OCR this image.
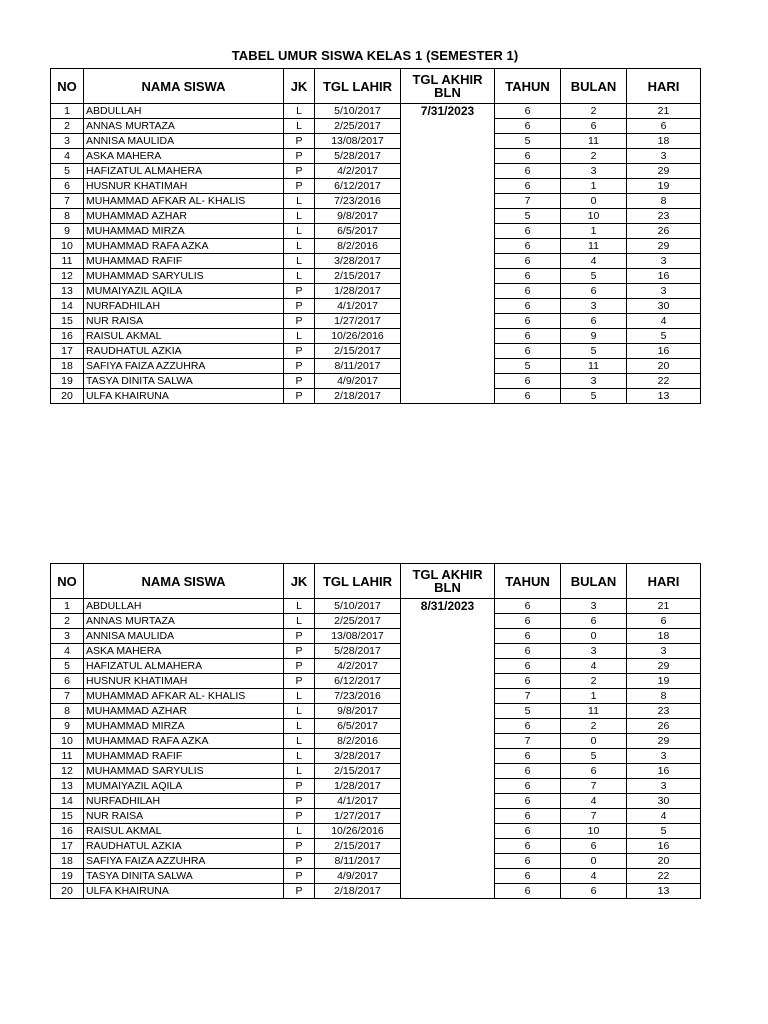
TABEL UMUR SISWA KELAS 1 (SEMESTER 1)
NO	NAMA SISWA	JK	TGL LAHIR	TGL AKHIR BLN	TAHUN	BULAN	HARI
1	ABDULLAH	L	5/10/2017	7/31/2023	6	2	21
2	ANNAS MURTAZA	L	2/25/2017		6	6	6
3	ANNISA MAULIDA	P	13/08/2017		5	11	18
4	ASKA MAHERA	P	5/28/2017		6	2	3
5	HAFIZATUL ALMAHERA	P	4/2/2017		6	3	29
6	HUSNUR KHATIMAH	P	6/12/2017		6	1	19
7	MUHAMMAD AFKAR AL- KHALIS	L	7/23/2016		7	0	8
8	MUHAMMAD AZHAR	L	9/8/2017		5	10	23
9	MUHAMMAD MIRZA	L	6/5/2017		6	1	26
10	MUHAMMAD RAFA AZKA	L	8/2/2016		6	11	29
11	MUHAMMAD RAFIF	L	3/28/2017		6	4	3
12	MUHAMMAD SARYULIS	L	2/15/2017		6	5	16
13	MUMAIYAZIL AQILA	P	1/28/2017		6	6	3
14	NURFADHILAH	P	4/1/2017		6	3	30
15	NUR RAISA	P	1/27/2017		6	6	4
16	RAISUL AKMAL	L	10/26/2016		6	9	5
17	RAUDHATUL AZKIA	P	2/15/2017		6	5	16
18	SAFIYA FAIZA AZZUHRA	P	8/11/2017		5	11	20
19	TASYA DINITA SALWA	P	4/9/2017		6	3	22
20	ULFA KHAIRUNA	P	2/18/2017		6	5	13
NO	NAMA SISWA	JK	TGL LAHIR	TGL AKHIR BLN	TAHUN	BULAN	HARI
1	ABDULLAH	L	5/10/2017	8/31/2023	6	3	21
2	ANNAS MURTAZA	L	2/25/2017		6	6	6
3	ANNISA MAULIDA	P	13/08/2017		6	0	18
4	ASKA MAHERA	P	5/28/2017		6	3	3
5	HAFIZATUL ALMAHERA	P	4/2/2017		6	4	29
6	HUSNUR KHATIMAH	P	6/12/2017		6	2	19
7	MUHAMMAD AFKAR AL- KHALIS	L	7/23/2016		7	1	8
8	MUHAMMAD AZHAR	L	9/8/2017		5	11	23
9	MUHAMMAD MIRZA	L	6/5/2017		6	2	26
10	MUHAMMAD RAFA AZKA	L	8/2/2016		7	0	29
11	MUHAMMAD RAFIF	L	3/28/2017		6	5	3
12	MUHAMMAD SARYULIS	L	2/15/2017		6	6	16
13	MUMAIYAZIL AQILA	P	1/28/2017		6	7	3
14	NURFADHILAH	P	4/1/2017		6	4	30
15	NUR RAISA	P	1/27/2017		6	7	4
16	RAISUL AKMAL	L	10/26/2016		6	10	5
17	RAUDHATUL AZKIA	P	2/15/2017		6	6	16
18	SAFIYA FAIZA AZZUHRA	P	8/11/2017		6	0	20
19	TASYA DINITA SALWA	P	4/9/2017		6	4	22
20	ULFA KHAIRUNA	P	2/18/2017		6	6	13
